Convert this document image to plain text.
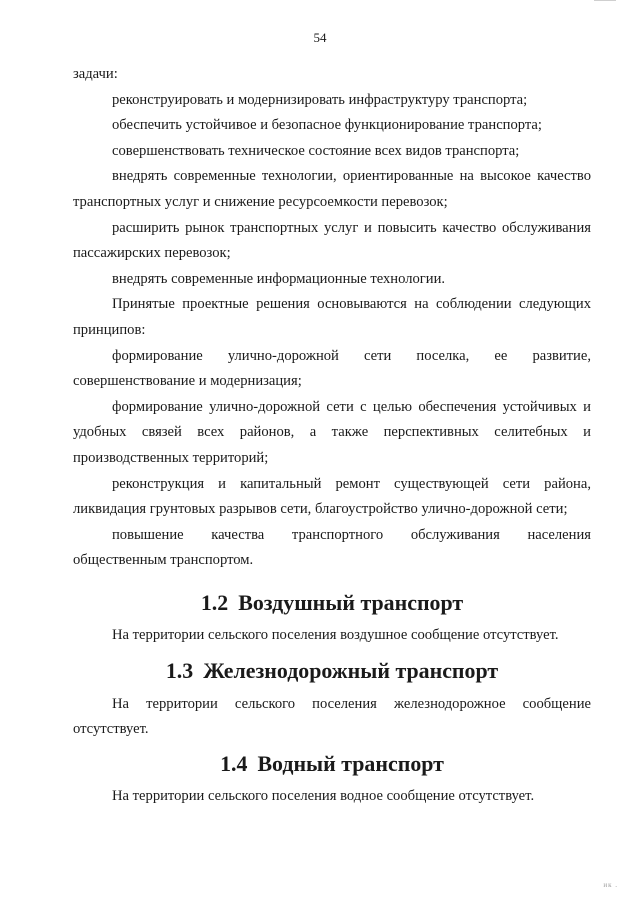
54

задачи:

реконструировать и модернизировать инфраструктуру транспорта;

обеспечить устойчивое и безопасное функционирование транспорта;

совершенствовать техническое состояние всех видов транспорта;

внедрять современные технологии, ориентированные на высокое качество транспортных услуг и снижение ресурсоемкости перевозок;

расширить рынок транспортных услуг и повысить качество обслуживания пассажирских перевозок;

внедрять современные информационные технологии.

Принятые проектные решения основываются на соблюдении следующих принципов:

формирование улично-дорожной сети поселка, ее развитие, совершенствование и модернизация;

формирование улично-дорожной сети с целью обеспечения устойчивых и удобных связей всех районов, а также перспективных селитебных и производственных территорий;

реконструкция и капитальный ремонт существующей сети района, ликвидация грунтовых разрывов сети, благоустройство улично-дорожной сети;

повышение качества транспортного обслуживания населения общественным транспортом.

1.2 Воздушный транспорт

На территории сельского поселения воздушное сообщение отсутствует.

1.3 Железнодорожный транспорт

На территории сельского поселения железнодорожное сообщение отсутствует.

1.4 Водный транспорт

На территории сельского поселения водное сообщение отсутствует.

ик .
